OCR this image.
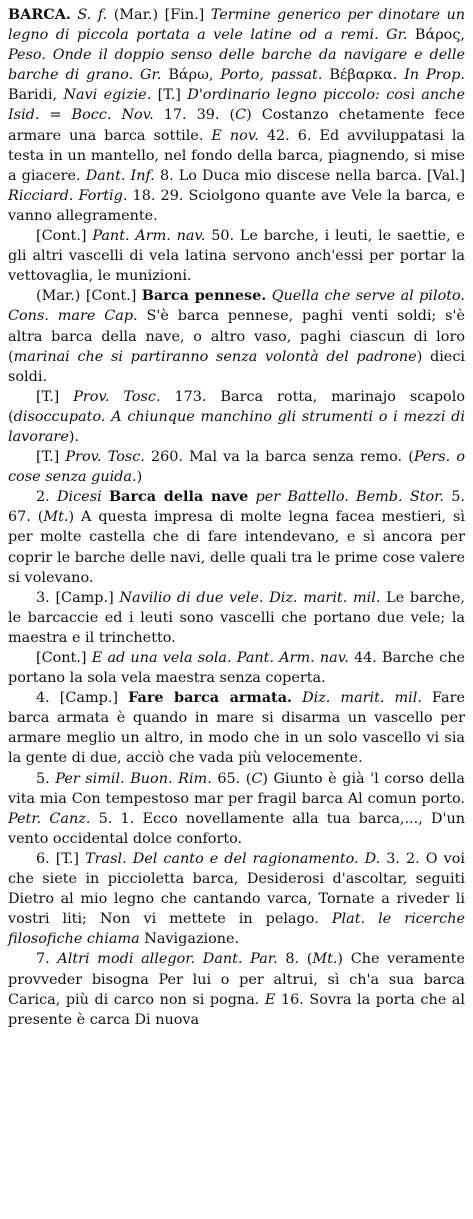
BARCA. S. f. (Mar.) [Fin.] Termine generico per dinotare un legno di piccola portata a vele latine od a remi. Gr. Βάρος, Peso. Onde il doppio senso delle barche da navigare e delle barche di grano. Gr. Βάρω, Porto, passat. Βέβαρκα. In Prop. Baridi, Navi egizie. [T.] D'ordinario legno piccolo: così anche Isid. = Bocc. Nov. 17. 39. (C) Costanzo chetamente fece armare una barca sottile. E nov. 42. 6. Ed avviluppatasi la testa in un mantello, nel fondo della barca, piagnendo, si mise a giacere. Dant. Inf. 8. Lo Duca mio discese nella barca. [Val.] Ricciard. Fortig. 18. 29. Sciolgono quante ave Vele la barca, e vanno allegramente.

[Cont.] Pant. Arm. nav. 50. Le barche, i leuti, le saettie, e gli altri vascelli di vela latina servono anch'essi per portar la vettovaglia, le munizioni.

(Mar.) [Cont.] Barca pennese. Quella che serve al piloto. Cons. mare Cap. S'è barca pennese, paghi venti soldi; s'è altra barca della nave, o altro vaso, paghi ciascun di loro (marinai che si partiranno senza volontà del padrone) dieci soldi.

[T.] Prov. Tosc. 173. Barca rotta, marinajo scapolo (disoccupato. A chiunque manchino gli strumenti o i mezzi di lavorare).

[T.] Prov. Tosc. 260. Mal va la barca senza remo. (Pers. o cose senza guida.)

2. Dicesi Barca della nave per Battello. Bemb. Stor. 5. 67. (Mt.) A questa impresa di molte legna facea mestieri, sì per molte castella che di fare intendevano, e sì ancora per coprir le barche delle navi, delle quali tra le prime cose valere si volevano.

3. [Camp.] Navilio di due vele. Diz. marit. mil. Le barche, le barcaccie ed i leuti sono vascelli che portano due vele; la maestra e il trinchetto.

[Cont.] E ad una vela sola. Pant. Arm. nav. 44. Barche che portano la sola vela maestra senza coperta.

4. [Camp.] Fare barca armata. Diz. marit. mil. Fare barca armata è quando in mare si disarma un vascello per armare meglio un altro, in modo che in un solo vascello vi sia la gente di due, acciò che vada più velocemente.

5. Per simil. Buon. Rim. 65. (C) Giunto è già 'l corso della vita mia Con tempestoso mar per fragil barca Al comun porto. Petr. Canz. 5. 1. Ecco novellamente alla tua barca,..., D'un vento occidental dolce conforto.

6. [T.] Trasl. Del canto e del ragionamento. D. 3. 2. O voi che siete in piccioletta barca, Desiderosi d'ascoltar, seguiti Dietro al mio legno che cantando varca, Tornate a riveder li vostri liti; Non vi mettete in pelago. Plat. le ricerche filosofiche chiama Navigazione.

7. Altri modi allegor. Dant. Par. 8. (Mt.) Che veramente provveder bisogna Per lui o per altrui, sì ch'a sua barca Carica, più di carco non si pogna. E 16. Sovra la porta che al presente è carca Di nuova
